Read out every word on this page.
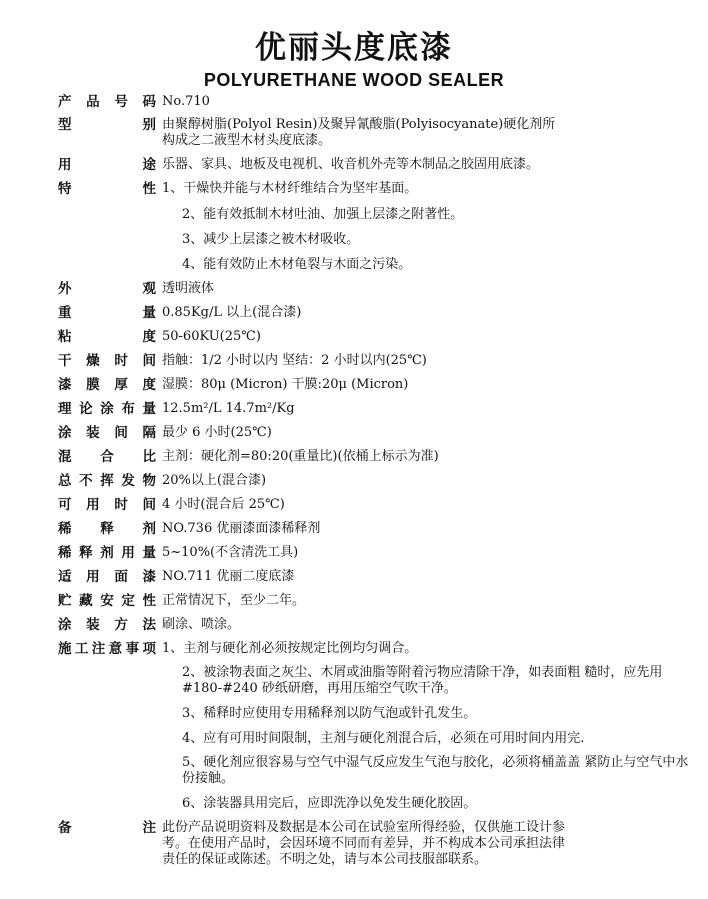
优丽头度底漆
POLYURETHANE WOOD SEALER
产 品 号 码 No.710
型	别 由聚醇树脂(Polyol Resin)及聚异氰酸脂(Polyisocyanate)硬化剂所
构成之二液型木材头度底漆。
用	途 乐器、家具、地板及电视机、收音机外壳等木制品之胶固用底漆。
特	性 1、干燥快并能与木材纤维结合为坚牢基面。
2、能有效抵制木材吐油、加强上层漆之附著性。
3、减少上层漆之被木材吸收。
4、能有效防止木材龟裂与木面之污染。
外	观 透明液体
重	量 0.85Kg/L 以上(混合漆)
粘	度 50-60KU(25℃)
干 燥 时 间 指触：1/2 小时以内 坚结：2 小时以内(25℃)
漆 膜 厚 度 湿膜：80μ (Micron) 干膜:20μ (Micron)
理 论 涂 布 量 12.5m²/L 14.7m²/Kg
涂 装 间 隔 最少 6 小时(25℃)
混 合 比 主剂：硬化剂=80:20(重量比)(依桶上标示为准)
总 不 挥 发 物 20%以上(混合漆)
可 用 时 间 4 小时(混合后 25℃)
稀 释 剂 NO.736 优丽漆面漆稀释剂
稀 释 剂 用 量 5~10%(不含清洗工具)
适 用 面 漆 NO.711 优丽二度底漆
贮 藏 安 定 性 正常情况下，至少二年。
涂 装 方 法 刷涂、喷涂。
施 工 注 意 事 项 1、主剂与硬化剂必须按规定比例均匀调合。
2、被涂物表面之灰尘、木屑或油脂等附着污物应清除干净，如表面粗 糙时，应先用#180-#240 砂纸研磨，再用压缩空气吹干净。
3、稀释时应使用专用稀释剂以防气泡或针孔发生。
4、应有可用时间限制，主剂与硬化剂混合后，必须在可用时间内用完.
5、硬化剂应很容易与空气中湿气反应发生气泡与胶化，必须将桶盖盖 紧防止与空气中水份接触。
6、涂装器具用完后，应即洗净以免发生硬化胶固。
备	注 此份产品说明资料及数据是本公司在试验室所得经验，仅供施工设计参
考。在使用产品时，会因环境不同而有差异，并不构成本公司承担法律
责任的保证或陈述。不明之处，请与本公司技服部联系。
